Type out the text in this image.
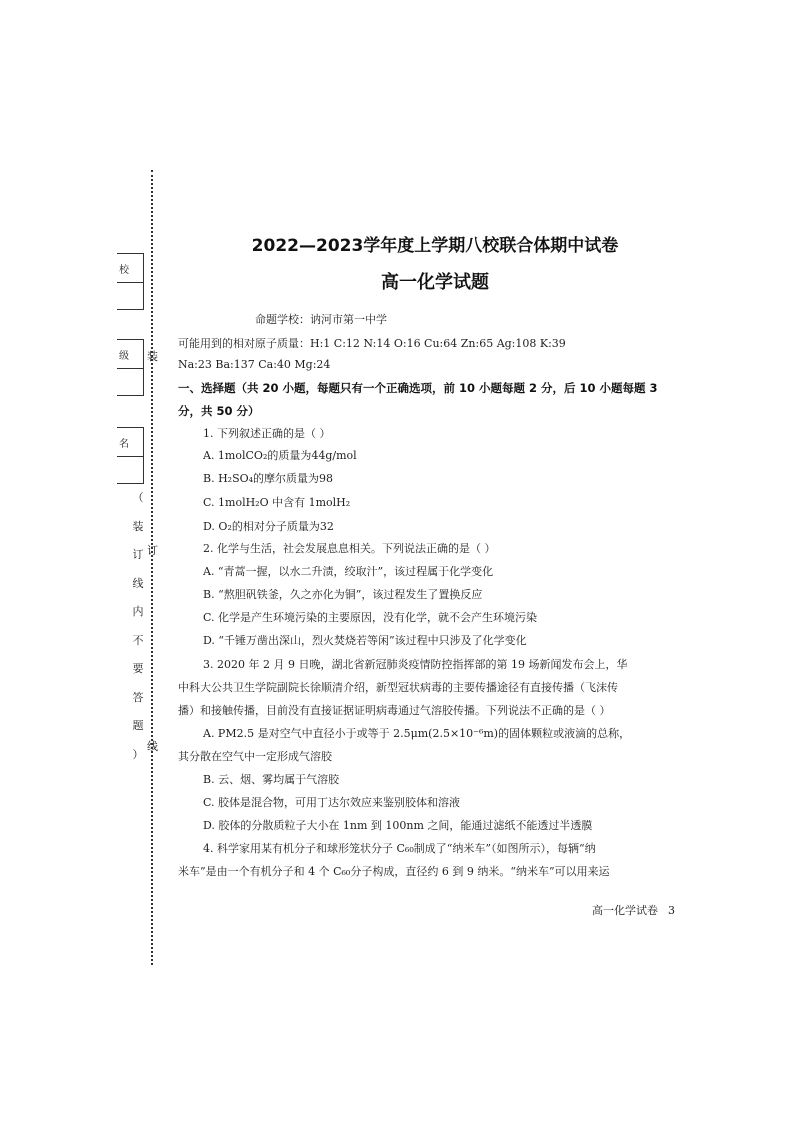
装
订
线
校
级
名
（
装
订
线
内
不
要
答
题
）
2022—2023学年度上学期八校联合体期中试卷
高一化学试题
命题学校：讷河市第一中学
可能用到的相对原子质量：H:1 C:12 N:14 O:16 Cu:64 Zn:65 Ag:108 K:39
Na:23 Ba:137 Ca:40 Mg:24
一、选择题（共 20 小题，每题只有一个正确选项，前 10 小题每题 2 分，后 10 小题每题 3
分，共 50 分）
1. 下列叙述正确的是（ ）
A. 1molCO₂的质量为44g/mol
B. H₂SO₄的摩尔质量为98
C. 1molH₂O 中含有 1molH₂
D. O₂的相对分子质量为32
2. 化学与生活，社会发展息息相关。下列说法正确的是（ ）
A. “青蒿一握，以水二升渍，绞取汁”，该过程属于化学变化
B. “熬胆矾铁釜，久之亦化为铜”，该过程发生了置换反应
C. 化学是产生环境污染的主要原因，没有化学，就不会产生环境污染
D. “千锤万凿出深山，烈火焚烧若等闲”该过程中只涉及了化学变化
3. 2020 年 2 月 9 日晚，湖北省新冠肺炎疫情防控指挥部的第 19 场新闻发布会上，华
中科大公共卫生学院副院长徐顺清介绍，新型冠状病毒的主要传播途径有直接传播（飞沫传
播）和接触传播，目前没有直接证据证明病毒通过气溶胶传播。下列说法不正确的是（ ）
A. PM2.5 是对空气中直径小于或等于 2.5μm(2.5×10⁻⁶m)的固体颗粒或液滴的总称，
其分散在空气中一定形成气溶胶
B. 云、烟、雾均属于气溶胶
C. 胶体是混合物，可用丁达尔效应来鉴别胶体和溶液
D. 胶体的分散质粒子大小在 1nm 到 100nm 之间，能通过滤纸不能透过半透膜
4. 科学家用某有机分子和球形笼状分子 C₆₀制成了“纳米车”（如图所示），每辆“纳
米车”是由一个有机分子和 4 个 C₆₀分子构成，直径约 6 到 9 纳米。“纳米车”可以用来运
高一化学试卷 3
